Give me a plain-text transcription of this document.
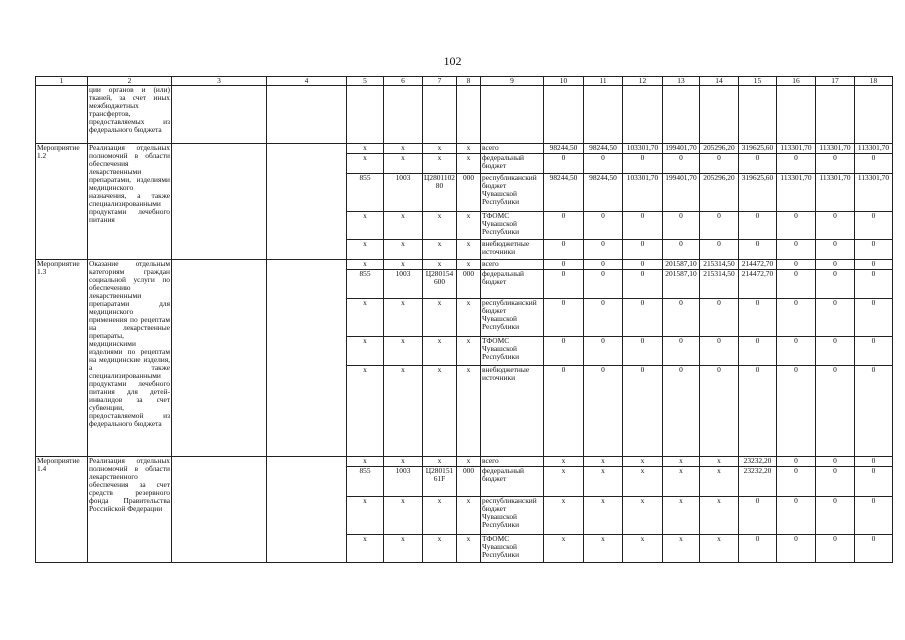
102
1	2	3	4	5	6	7	8	9	10	11	12	13	14	15	16	17	18
	ции органов и (или) тканей, за счет иных межбюджетных трансфертов, предоставляемых из федерального бюджета																
Мероприятие 1.2	Реализация отдельных полномочий в области обеспечения лекарственными препаратами, изделиями медицинского назначения, а также специализированными продуктами лечебного питания			x	x	x	x	всего	98244,50	98244,50	103301,70	199401,70	205296,20	319625,60	113301,70	113301,70	113301,70
				x	x	x	x	федеральный бюджет	0	0	0	0	0	0	0	0	0
				855	1003	Ц280110280	000	республиканский бюджет Чувашской Республики	98244,50	98244,50	103301,70	199401,70	205296,20	319625,60	113301,70	113301,70	113301,70
				x	x	x	x	ТФОМС Чувашской Республики	0	0	0	0	0	0	0	0	0
				x	x	x	x	внебюджетные источники	0	0	0	0	0	0	0	0	0
Мероприятие 1.3	Оказание отдельным категориям граждан социальной услуги по обеспечению лекарственными препаратами для медицинского применения по рецептам на лекарственные препараты, медицинскими изделиями по рецептам на медицинские изделия, а также специализированными продуктами лечебного питания для детей-инвалидов за счет субвенции, предоставляемой из федерального бюджета			x	x	x	x	всего	0	0	0	201587,10	215314,50	214472,70	0	0	0
				855	1003	Ц280154600	000	федеральный бюджет	0	0	0	201587,10	215314,50	214472,70	0	0	0
				x	x	x	x	республиканский бюджет Чувашской Республики	0	0	0	0	0	0	0	0	0
				x	x	x	x	ТФОМС Чувашской Республики	0	0	0	0	0	0	0	0	0
				x	x	x	x	внебюджетные источники	0	0	0	0	0	0	0	0	0
Мероприятие 1.4	Реализация отдельных полномочий в области лекарственного обеспечения за счет средств резервного фонда Правительства Российской Федерации			x	x	x	x	всего	x	x	x	x	x	23232,20	0	0	0
				855	1003	Ц28015161F	000	федеральный бюджет	x	x	x	x	x	23232,20	0	0	0
				x	x	x	x	республиканский бюджет Чувашской Республики	x	x	x	x	x	0	0	0	0
				x	x	x	x	ТФОМС Чувашской Республики	x	x	x	x	x	0	0	0	0
